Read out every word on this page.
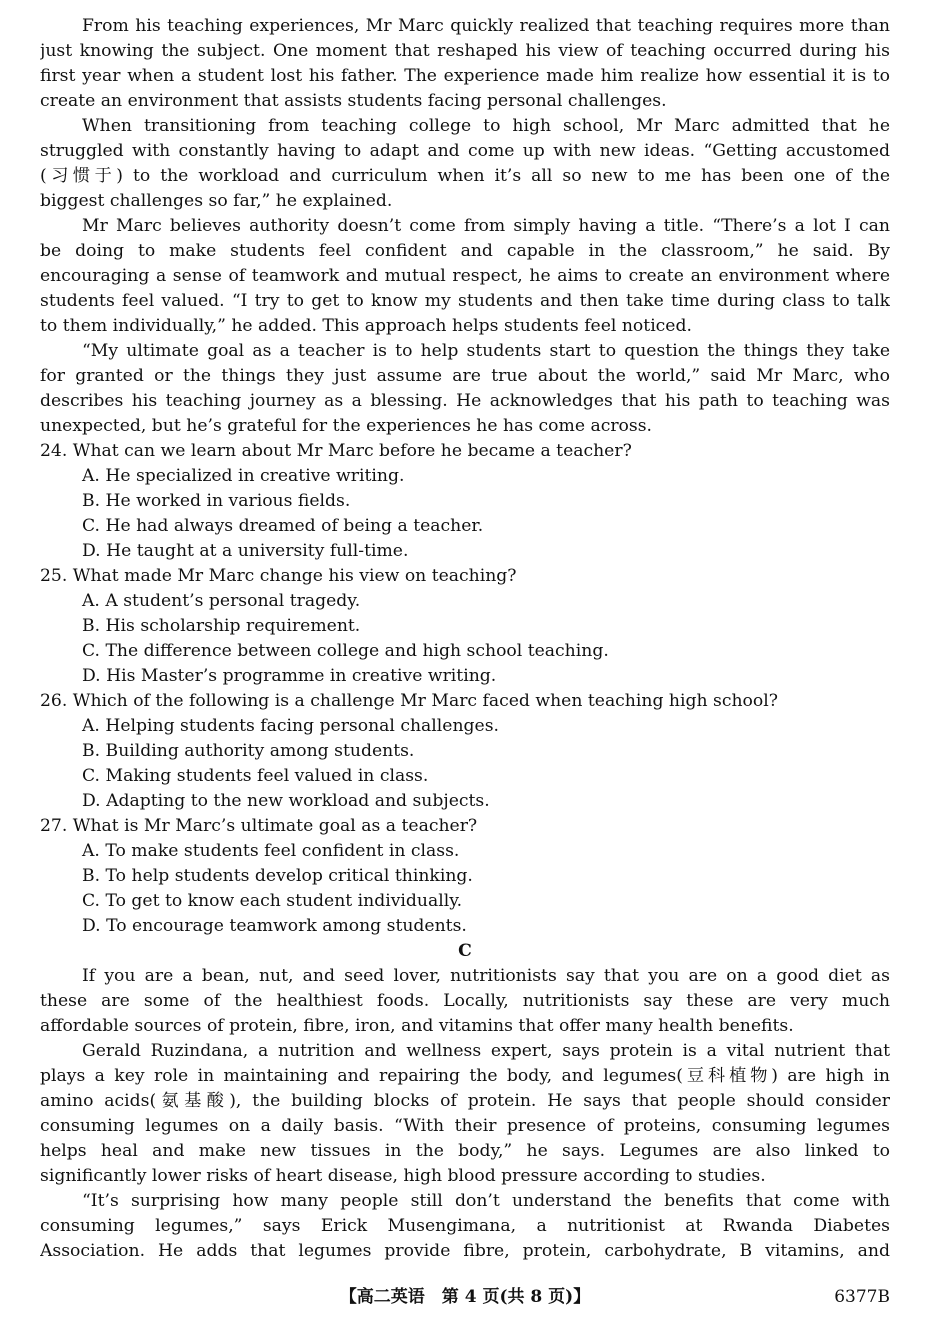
From his teaching experiences, Mr Marc quickly realized that teaching requires more than
just knowing the subject. One moment that reshaped his view of teaching occurred during his
first year when a student lost his father. The experience made him realize how essential it is to
create an environment that assists students facing personal challenges.
When transitioning from teaching college to high school, Mr Marc admitted that he
struggled with constantly having to adapt and come up with new ideas. “Getting accustomed
(习惯于) to the workload and curriculum when it’s all so new to me has been one of the
biggest challenges so far,” he explained.
Mr Marc believes authority doesn’t come from simply having a title. “There’s a lot I can
be doing to make students feel confident and capable in the classroom,” he said. By
encouraging a sense of teamwork and mutual respect, he aims to create an environment where
students feel valued. “I try to get to know my students and then take time during class to talk
to them individually,” he added. This approach helps students feel noticed.
“My ultimate goal as a teacher is to help students start to question the things they take
for granted or the things they just assume are true about the world,” said Mr Marc, who
describes his teaching journey as a blessing. He acknowledges that his path to teaching was
unexpected, but he’s grateful for the experiences he has come across.
24. What can we learn about Mr Marc before he became a teacher?
A. He specialized in creative writing.
B. He worked in various fields.
C. He had always dreamed of being a teacher.
D. He taught at a university full-time.
25. What made Mr Marc change his view on teaching?
A. A student’s personal tragedy.
B. His scholarship requirement.
C. The difference between college and high school teaching.
D. His Master’s programme in creative writing.
26. Which of the following is a challenge Mr Marc faced when teaching high school?
A. Helping students facing personal challenges.
B. Building authority among students.
C. Making students feel valued in class.
D. Adapting to the new workload and subjects.
27. What is Mr Marc’s ultimate goal as a teacher?
A. To make students feel confident in class.
B. To help students develop critical thinking.
C. To get to know each student individually.
D. To encourage teamwork among students.
C
If you are a bean, nut, and seed lover, nutritionists say that you are on a good diet as
these are some of the healthiest foods. Locally, nutritionists say these are very much
affordable sources of protein, fibre, iron, and vitamins that offer many health benefits.
Gerald Ruzindana, a nutrition and wellness expert, says protein is a vital nutrient that
plays a key role in maintaining and repairing the body, and legumes(豆科植物) are high in
amino acids(氨基酸), the building blocks of protein. He says that people should consider
consuming legumes on a daily basis. “With their presence of proteins, consuming legumes
helps heal and make new tissues in the body,” he says. Legumes are also linked to
significantly lower risks of heart disease, high blood pressure according to studies.
“It’s surprising how many people still don’t understand the benefits that come with
consuming legumes,” says Erick Musengimana, a nutritionist at Rwanda Diabetes
Association. He adds that legumes provide fibre, protein, carbohydrate, B vitamins, and
【高二英语　第 4 页(共 8 页)】	6377B
